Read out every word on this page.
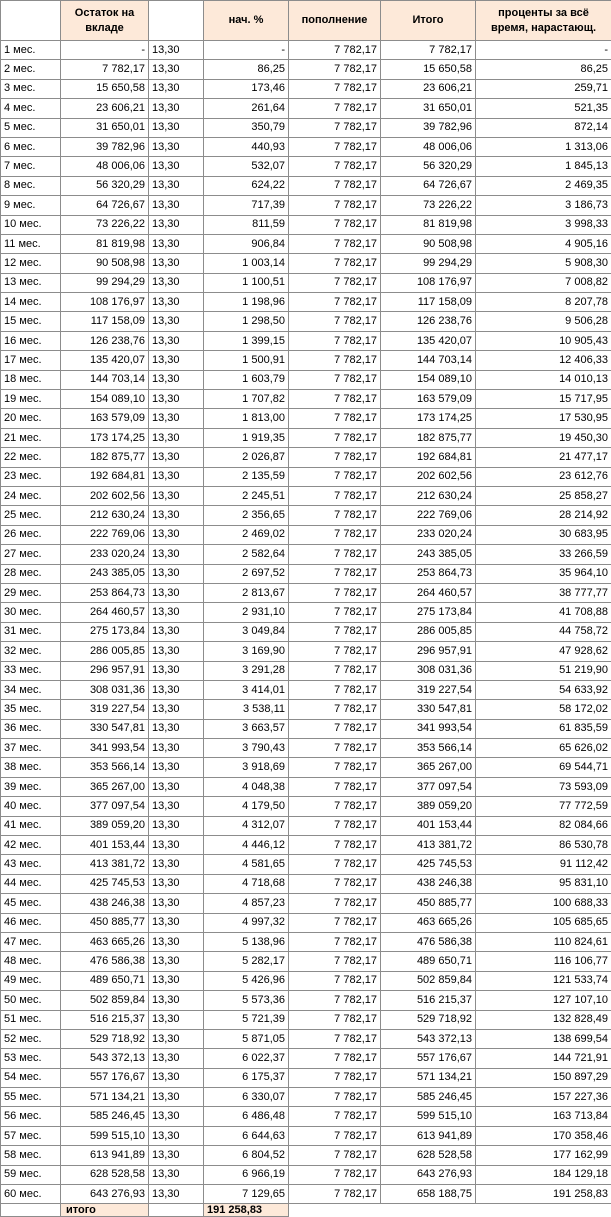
	Остаток на вкладе		нач. %	пополнение	Итого	проценты за всё время, нарастающ.
1 мес.	-	13,30	-	7 782,17	7 782,17	-
2 мес.	7 782,17	13,30	86,25	7 782,17	15 650,58	86,25
3 мес.	15 650,58	13,30	173,46	7 782,17	23 606,21	259,71
4 мес.	23 606,21	13,30	261,64	7 782,17	31 650,01	521,35
5 мес.	31 650,01	13,30	350,79	7 782,17	39 782,96	872,14
6 мес.	39 782,96	13,30	440,93	7 782,17	48 006,06	1 313,06
7 мес.	48 006,06	13,30	532,07	7 782,17	56 320,29	1 845,13
8 мес.	56 320,29	13,30	624,22	7 782,17	64 726,67	2 469,35
9 мес.	64 726,67	13,30	717,39	7 782,17	73 226,22	3 186,73
10 мес.	73 226,22	13,30	811,59	7 782,17	81 819,98	3 998,33
11 мес.	81 819,98	13,30	906,84	7 782,17	90 508,98	4 905,16
12 мес.	90 508,98	13,30	1 003,14	7 782,17	99 294,29	5 908,30
13 мес.	99 294,29	13,30	1 100,51	7 782,17	108 176,97	7 008,82
14 мес.	108 176,97	13,30	1 198,96	7 782,17	117 158,09	8 207,78
15 мес.	117 158,09	13,30	1 298,50	7 782,17	126 238,76	9 506,28
16 мес.	126 238,76	13,30	1 399,15	7 782,17	135 420,07	10 905,43
17 мес.	135 420,07	13,30	1 500,91	7 782,17	144 703,14	12 406,33
18 мес.	144 703,14	13,30	1 603,79	7 782,17	154 089,10	14 010,13
19 мес.	154 089,10	13,30	1 707,82	7 782,17	163 579,09	15 717,95
20 мес.	163 579,09	13,30	1 813,00	7 782,17	173 174,25	17 530,95
21 мес.	173 174,25	13,30	1 919,35	7 782,17	182 875,77	19 450,30
22 мес.	182 875,77	13,30	2 026,87	7 782,17	192 684,81	21 477,17
23 мес.	192 684,81	13,30	2 135,59	7 782,17	202 602,56	23 612,76
24 мес.	202 602,56	13,30	2 245,51	7 782,17	212 630,24	25 858,27
25 мес.	212 630,24	13,30	2 356,65	7 782,17	222 769,06	28 214,92
26 мес.	222 769,06	13,30	2 469,02	7 782,17	233 020,24	30 683,95
27 мес.	233 020,24	13,30	2 582,64	7 782,17	243 385,05	33 266,59
28 мес.	243 385,05	13,30	2 697,52	7 782,17	253 864,73	35 964,10
29 мес.	253 864,73	13,30	2 813,67	7 782,17	264 460,57	38 777,77
30 мес.	264 460,57	13,30	2 931,10	7 782,17	275 173,84	41 708,88
31 мес.	275 173,84	13,30	3 049,84	7 782,17	286 005,85	44 758,72
32 мес.	286 005,85	13,30	3 169,90	7 782,17	296 957,91	47 928,62
33 мес.	296 957,91	13,30	3 291,28	7 782,17	308 031,36	51 219,90
34 мес.	308 031,36	13,30	3 414,01	7 782,17	319 227,54	54 633,92
35 мес.	319 227,54	13,30	3 538,11	7 782,17	330 547,81	58 172,02
36 мес.	330 547,81	13,30	3 663,57	7 782,17	341 993,54	61 835,59
37 мес.	341 993,54	13,30	3 790,43	7 782,17	353 566,14	65 626,02
38 мес.	353 566,14	13,30	3 918,69	7 782,17	365 267,00	69 544,71
39 мес.	365 267,00	13,30	4 048,38	7 782,17	377 097,54	73 593,09
40 мес.	377 097,54	13,30	4 179,50	7 782,17	389 059,20	77 772,59
41 мес.	389 059,20	13,30	4 312,07	7 782,17	401 153,44	82 084,66
42 мес.	401 153,44	13,30	4 446,12	7 782,17	413 381,72	86 530,78
43 мес.	413 381,72	13,30	4 581,65	7 782,17	425 745,53	91 112,42
44 мес.	425 745,53	13,30	4 718,68	7 782,17	438 246,38	95 831,10
45 мес.	438 246,38	13,30	4 857,23	7 782,17	450 885,77	100 688,33
46 мес.	450 885,77	13,30	4 997,32	7 782,17	463 665,26	105 685,65
47 мес.	463 665,26	13,30	5 138,96	7 782,17	476 586,38	110 824,61
48 мес.	476 586,38	13,30	5 282,17	7 782,17	489 650,71	116 106,77
49 мес.	489 650,71	13,30	5 426,96	7 782,17	502 859,84	121 533,74
50 мес.	502 859,84	13,30	5 573,36	7 782,17	516 215,37	127 107,10
51 мес.	516 215,37	13,30	5 721,39	7 782,17	529 718,92	132 828,49
52 мес.	529 718,92	13,30	5 871,05	7 782,17	543 372,13	138 699,54
53 мес.	543 372,13	13,30	6 022,37	7 782,17	557 176,67	144 721,91
54 мес.	557 176,67	13,30	6 175,37	7 782,17	571 134,21	150 897,29
55 мес.	571 134,21	13,30	6 330,07	7 782,17	585 246,45	157 227,36
56 мес.	585 246,45	13,30	6 486,48	7 782,17	599 515,10	163 713,84
57 мес.	599 515,10	13,30	6 644,63	7 782,17	613 941,89	170 358,46
58 мес.	613 941,89	13,30	6 804,52	7 782,17	628 528,58	177 162,99
59 мес.	628 528,58	13,30	6 966,19	7 782,17	643 276,93	184 129,18
60 мес.	643 276,93	13,30	7 129,65	7 782,17	658 188,75	191 258,83
	итого		191 258,83			
